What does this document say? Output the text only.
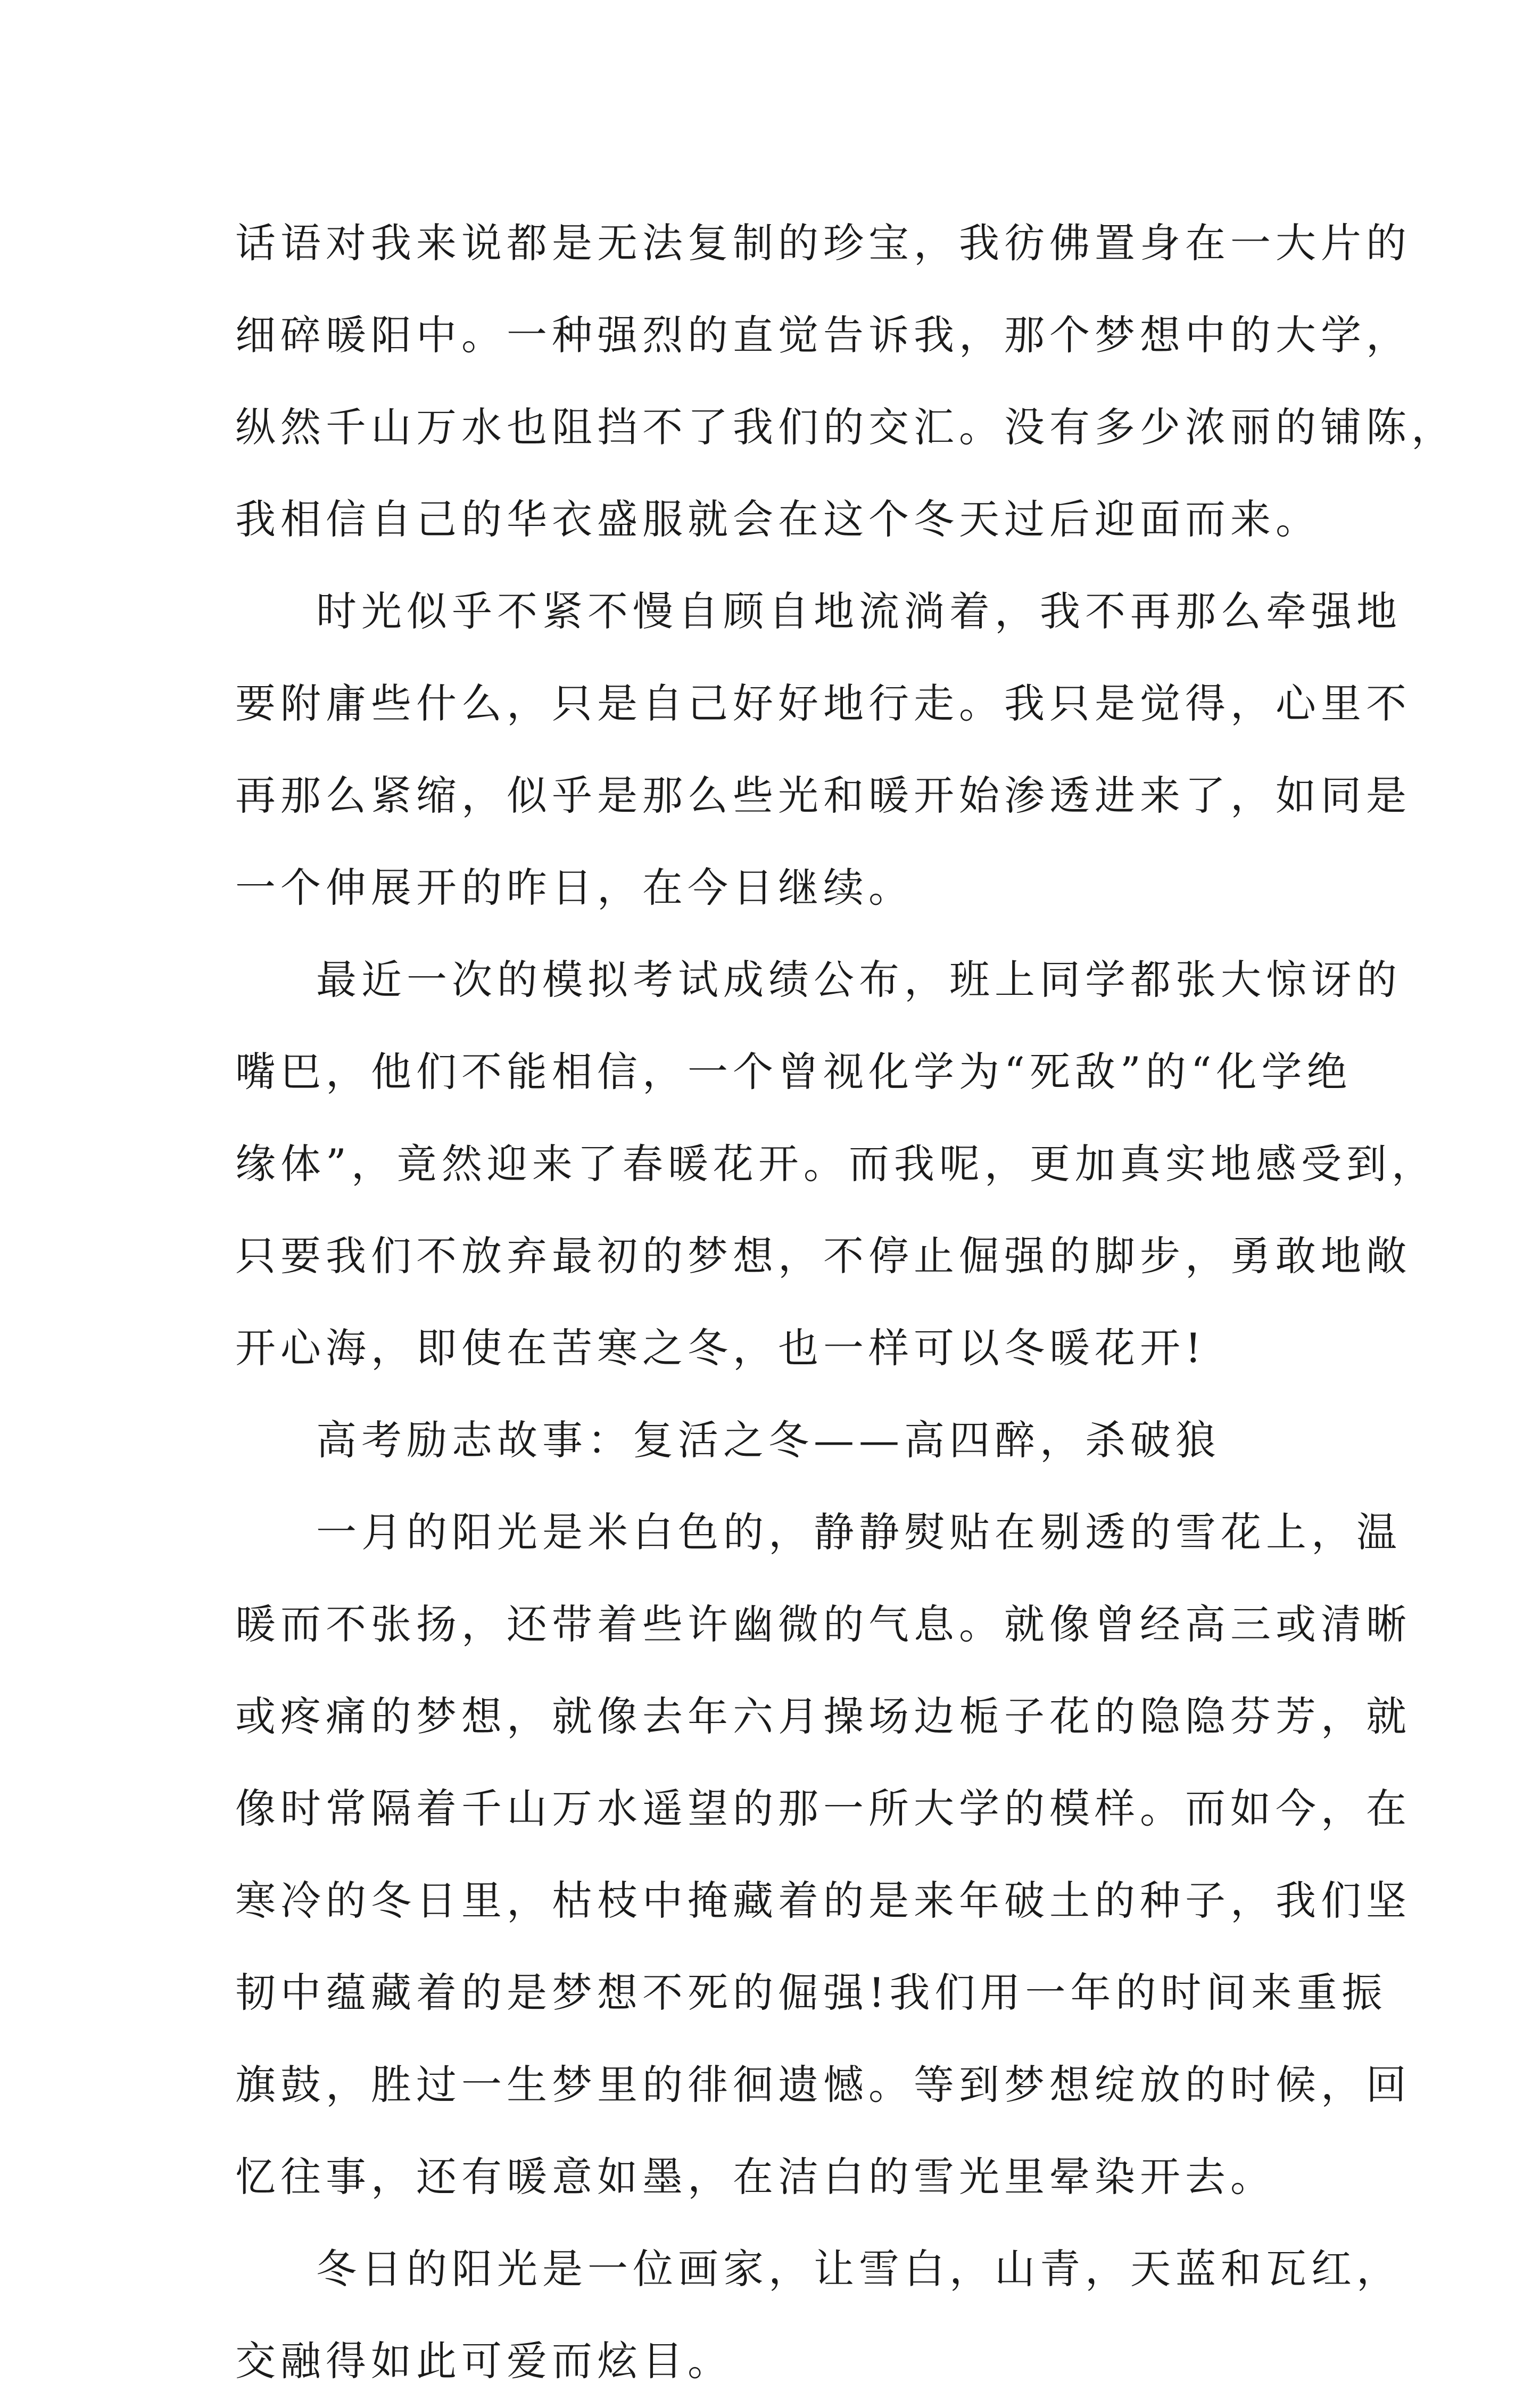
话语对我来说都是无法复制的珍宝，我彷佛置身在一大片的
细碎暖阳中。一种强烈的直觉告诉我，那个梦想中的大学，
纵然千山万水也阻挡不了我们的交汇。没有多少浓丽的铺陈，
我相信自己的华衣盛服就会在这个冬天过后迎面而来。
时光似乎不紧不慢自顾自地流淌着，我不再那么牵强地
要附庸些什么，只是自己好好地行走。我只是觉得，心里不
再那么紧缩，似乎是那么些光和暖开始渗透进来了，如同是
一个伸展开的昨日，在今日继续。
最近一次的模拟考试成绩公布，班上同学都张大惊讶的
嘴巴，他们不能相信，一个曾视化学为“死敌”的“化学绝
缘体”，竟然迎来了春暖花开。而我呢，更加真实地感受到，
只要我们不放弃最初的梦想，不停止倔强的脚步，勇敢地敞
开心海，即使在苦寒之冬，也一样可以冬暖花开!
高考励志故事：复活之冬——高四醉，杀破狼
一月的阳光是米白色的，静静熨贴在剔透的雪花上，温
暖而不张扬，还带着些许幽微的气息。就像曾经高三或清晰
或疼痛的梦想，就像去年六月操场边栀子花的隐隐芬芳，就
像时常隔着千山万水遥望的那一所大学的模样。而如今，在
寒冷的冬日里，枯枝中掩藏着的是来年破土的种子，我们坚
韧中蕴藏着的是梦想不死的倔强!我们用一年的时间来重振
旗鼓，胜过一生梦里的徘徊遗憾。等到梦想绽放的时候，回
忆往事，还有暖意如墨，在洁白的雪光里晕染开去。
冬日的阳光是一位画家，让雪白，山青，天蓝和瓦红，
交融得如此可爱而炫目。
